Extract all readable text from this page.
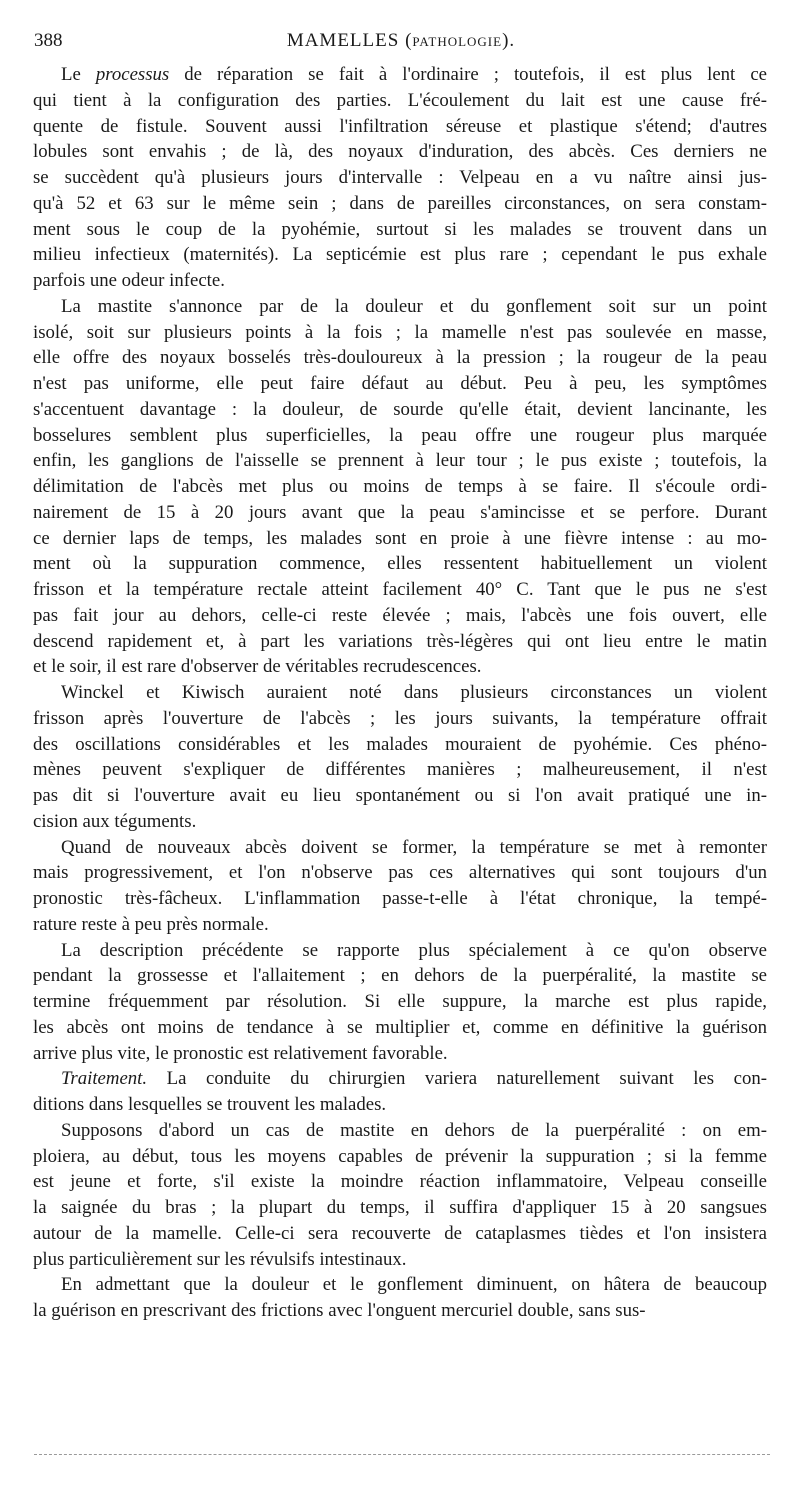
388	MAMELLES (PATHOLOGIE).
Le processus de réparation se fait à l'ordinaire ; toutefois, il est plus lent ce
qui tient à la configuration des parties. L'écoulement du lait est une cause fré-
quente de fistule. Souvent aussi l'infiltration séreuse et plastique s'étend; d'autres
lobules sont envahis ; de là, des noyaux d'induration, des abcès. Ces derniers ne
se succèdent qu'à plusieurs jours d'intervalle : Velpeau en a vu naître ainsi jus-
qu'à 52 et 63 sur le même sein ; dans de pareilles circonstances, on sera constam-
ment sous le coup de la pyohémie, surtout si les malades se trouvent dans un
milieu infectieux (maternités). La septicémie est plus rare ; cependant le pus exhale
parfois une odeur infecte.
La mastite s'annonce par de la douleur et du gonflement soit sur un point
isolé, soit sur plusieurs points à la fois ; la mamelle n'est pas soulevée en masse,
elle offre des noyaux bosselés très-douloureux à la pression ; la rougeur de la peau
n'est pas uniforme, elle peut faire défaut au début. Peu à peu, les symptômes
s'accentuent davantage : la douleur, de sourde qu'elle était, devient lancinante, les
bosselures semblent plus superficielles, la peau offre une rougeur plus marquée
enfin, les ganglions de l'aisselle se prennent à leur tour ; le pus existe ; toutefois, la
délimitation de l'abcès met plus ou moins de temps à se faire. Il s'écoule ordi-
nairement de 15 à 20 jours avant que la peau s'amincisse et se perfore. Durant
ce dernier laps de temps, les malades sont en proie à une fièvre intense : au mo-
ment où la suppuration commence, elles ressentent habituellement un violent
frisson et la température rectale atteint facilement 40° C. Tant que le pus ne s'est
pas fait jour au dehors, celle-ci reste élevée ; mais, l'abcès une fois ouvert, elle
descend rapidement et, à part les variations très-légères qui ont lieu entre le matin
et le soir, il est rare d'observer de véritables recrudescences.
Winckel et Kiwisch auraient noté dans plusieurs circonstances un violent
frisson après l'ouverture de l'abcès ; les jours suivants, la température offrait
des oscillations considérables et les malades mouraient de pyohémie. Ces phéno-
mènes peuvent s'expliquer de différentes manières ; malheureusement, il n'est
pas dit si l'ouverture avait eu lieu spontanément ou si l'on avait pratiqué une in-
cision aux téguments.
Quand de nouveaux abcès doivent se former, la température se met à remonter
mais progressivement, et l'on n'observe pas ces alternatives qui sont toujours d'un
pronostic très-fâcheux. L'inflammation passe-t-elle à l'état chronique, la tempé-
rature reste à peu près normale.
La description précédente se rapporte plus spécialement à ce qu'on observe
pendant la grossesse et l'allaitement ; en dehors de la puerpéralité, la mastite se
termine fréquemment par résolution. Si elle suppure, la marche est plus rapide,
les abcès ont moins de tendance à se multiplier et, comme en définitive la guérison
arrive plus vite, le pronostic est relativement favorable.
Traitement. La conduite du chirurgien variera naturellement suivant les con-
ditions dans lesquelles se trouvent les malades.
Supposons d'abord un cas de mastite en dehors de la puerpéralité : on em-
ploiera, au début, tous les moyens capables de prévenir la suppuration ; si la femme
est jeune et forte, s'il existe la moindre réaction inflammatoire, Velpeau conseille
la saignée du bras ; la plupart du temps, il suffira d'appliquer 15 à 20 sangsues
autour de la mamelle. Celle-ci sera recouverte de cataplasmes tièdes et l'on insistera
plus particulièrement sur les révulsifs intestinaux.
En admettant que la douleur et le gonflement diminuent, on hâtera de beaucoup
la guérison en prescrivant des frictions avec l'onguent mercuriel double, sans sus-
